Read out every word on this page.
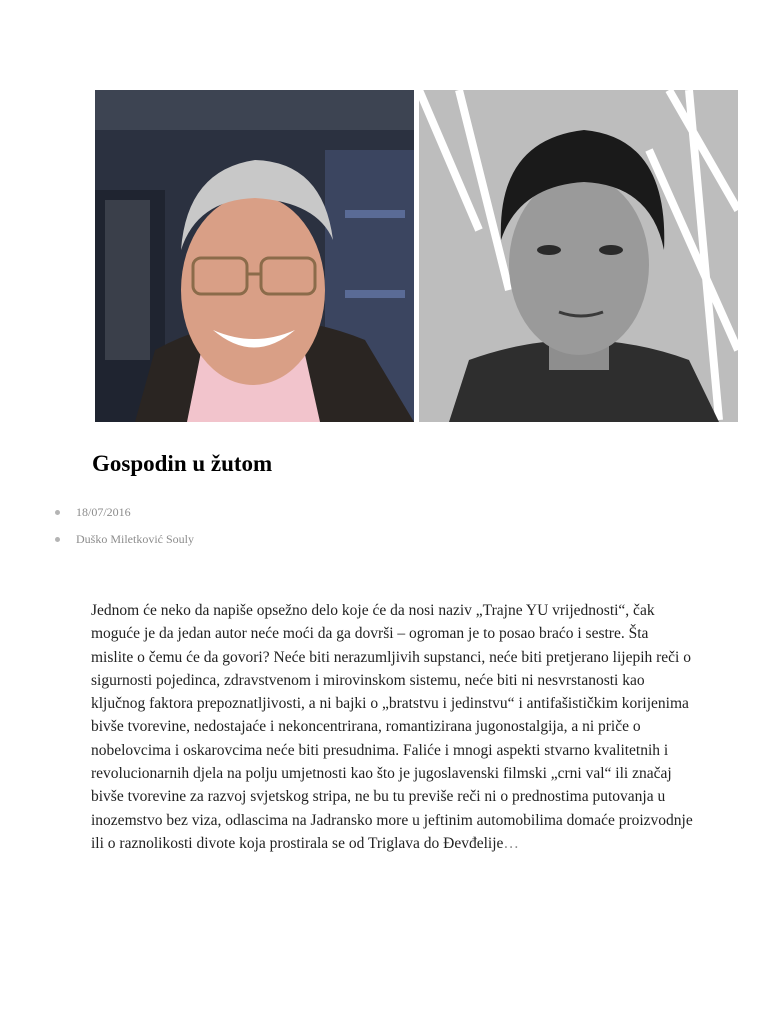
Gospodin u žutom
18/07/2016
Duško Miletković Souly

Jednom će neko da napiše opsežno delo koje će da nosi naziv „Trajne YU vrijednosti“, čak moguće je da jedan autor neće moći da ga dovrši – ogroman je to posao braćo i sestre. Šta mislite o čemu će da govori? Neće biti nerazumljivih supstanci, neće biti pretjerano lijepih reči o sigurnosti pojedinca, zdravstvenom i mirovinskom sistemu, neće biti ni nesvrstanosti kao ključnog faktora prepoznatljivosti, a ni bajki o „bratstvu i jedinstvu“ i antifašističkim korijenima bivše tvorevine, nedostajaće i nekoncentrirana, romantizirana jugonostalgija, a ni priče o nobelovcima i oskarovcima neće biti presudnima. Faliće i mnogi aspekti stvarno kvalitetnih i revolucionarnih djela na polju umjetnosti kao što je jugoslavenski filmski „crni val“ ili značaj bivše tvorevine za razvoj svjetskog stripa, ne bu tu previše reči ni o prednostima putovanja u inozemstvo bez viza, odlascima na Jadransko more u jeftinim automobilima domaće proizvodnje ili o raznolikosti divote koja prostirala se od Triglava do Đevđelije…
